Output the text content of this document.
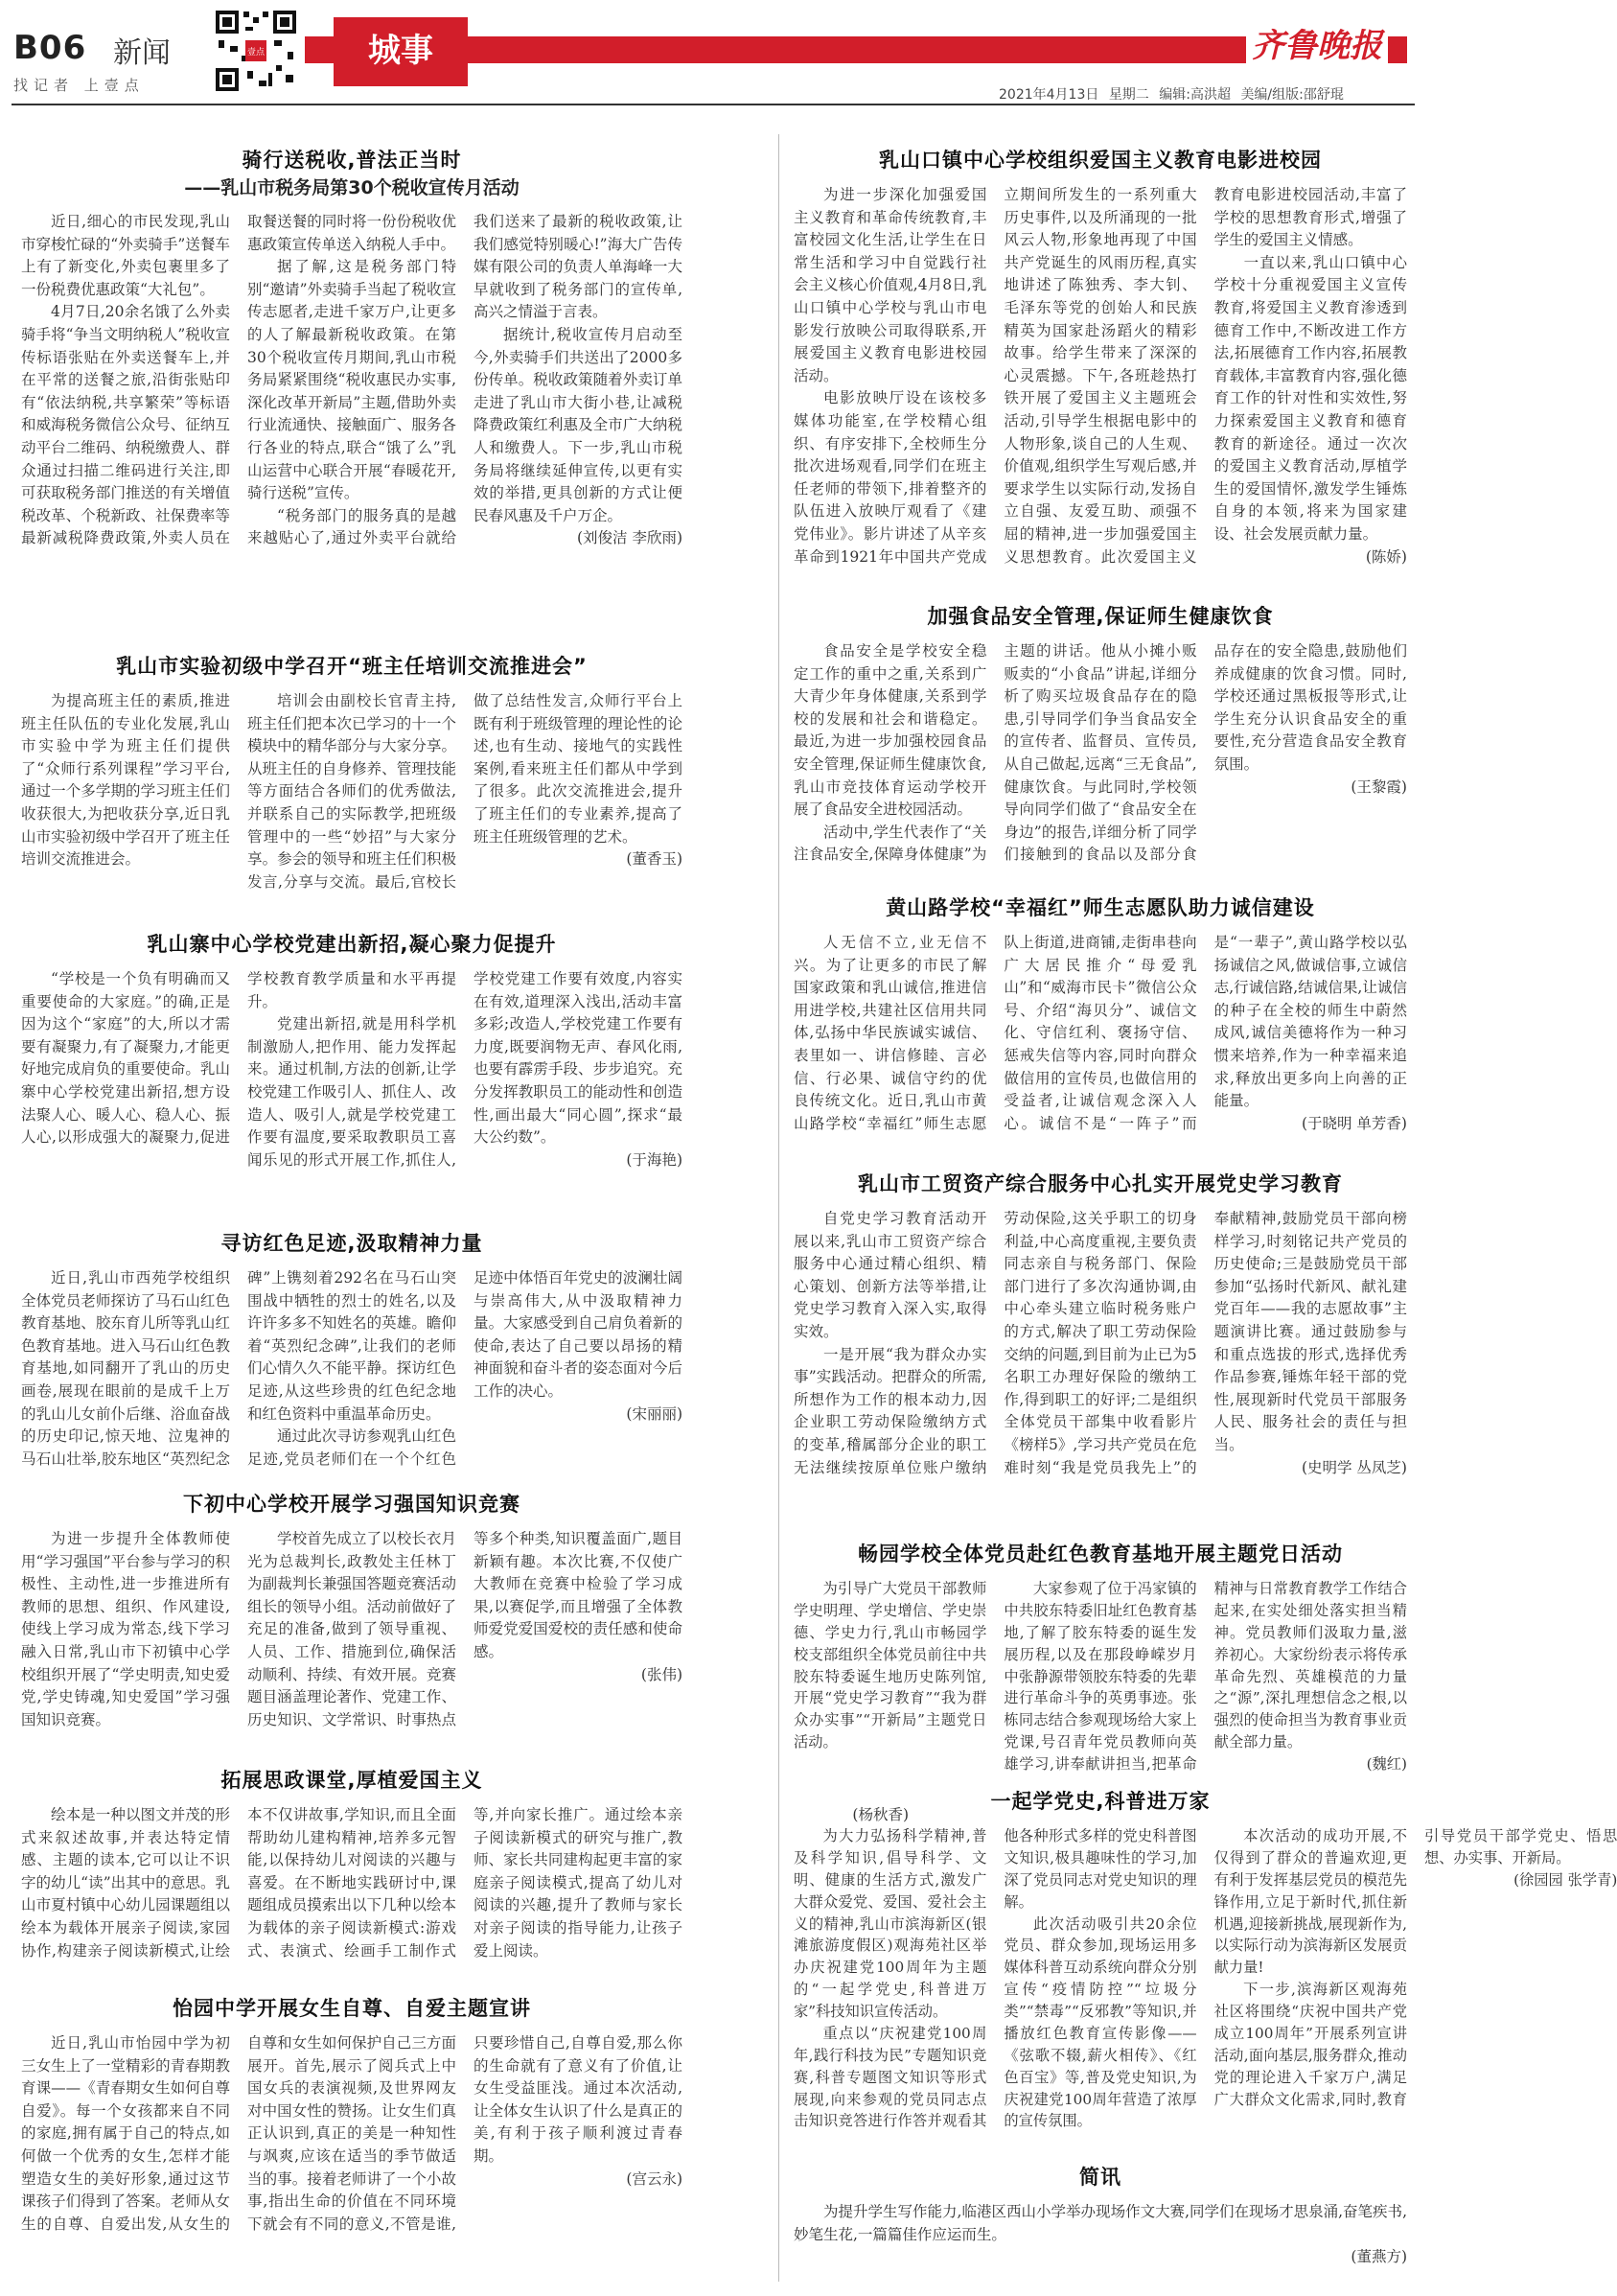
B06 新闻
找记者 上壹点
壹点	城事	齐鲁晚报
2021年4月13日 星期二 编辑:高洪超 美编/组版:邵舒琨
骑行送税收,普法正当时
——乳山市税务局第30个税收宣传月活动

近日,细心的市民发现,乳山市穿梭忙碌的“外卖骑手”送餐车上有了新变化,外卖包裹里多了一份税费优惠政策“大礼包”。

4月7日,20余名饿了么外卖骑手将“争当文明纳税人”税收宣传标语张贴在外卖送餐车上,并在平常的送餐之旅,沿街张贴印有“依法纳税,共享繁荣”等标语和威海税务微信公众号、征纳互动平台二维码、纳税缴费人、群众通过扫描二维码进行关注,即可获取税务部门推送的有关增值税改革、个税新政、社保费率等最新减税降费政策,外卖人员在取餐送餐的同时将一份份税收优惠政策宣传单送入纳税人手中。

据了解,这是税务部门特别“邀请”外卖骑手当起了税收宣传志愿者,走进千家万户,让更多的人了解最新税收政策。在第30个税收宣传月期间,乳山市税务局紧紧围绕“税收惠民办实事,深化改革开新局”主题,借助外卖行业流通快、接触面广、服务各行各业的特点,联合“饿了么”乳山运营中心联合开展“春暖花开,骑行送税”宣传。

“税务部门的服务真的是越来越贴心了,通过外卖平台就给我们送来了最新的税收政策,让我们感觉特别暖心!”海大广告传媒有限公司的负责人单海峰一大早就收到了税务部门的宣传单,高兴之情溢于言表。

据统计,税收宣传月启动至今,外卖骑手们共送出了2000多份传单。税收政策随着外卖订单走进了乳山市大街小巷,让减税降费政策红利惠及全市广大纳税人和缴费人。下一步,乳山市税务局将继续延伸宣传,以更有实效的举措,更具创新的方式让便民春风惠及千户万企。

(刘俊洁 李欣雨)

乳山口镇中心学校组织爱国主义教育电影进校园

为进一步深化加强爱国主义教育和革命传统教育,丰富校园文化生活,让学生在日常生活和学习中自觉践行社会主义核心价值观,4月8日,乳山口镇中心学校与乳山市电影发行放映公司取得联系,开展爱国主义教育电影进校园活动。

电影放映厅设在该校多媒体功能室,在学校精心组织、有序安排下,全校师生分批次进场观看,同学们在班主任老师的带领下,排着整齐的队伍进入放映厅观看了《建党伟业》。影片讲述了从辛亥革命到1921年中国共产党成立期间所发生的一系列重大历史事件,以及所涌现的一批风云人物,形象地再现了中国共产党诞生的风雨历程,真实地讲述了陈独秀、李大钊、毛泽东等党的创始人和民族精英为国家赴汤蹈火的精彩故事。给学生带来了深深的心灵震撼。下午,各班趁热打铁开展了爱国主义主题班会活动,引导学生根据电影中的人物形象,谈自己的人生观、价值观,组织学生写观后感,并要求学生以实际行动,发扬自立自强、友爱互助、顽强不屈的精神,进一步加强爱国主义思想教育。此次爱国主义教育电影进校园活动,丰富了学校的思想教育形式,增强了学生的爱国主义情感。

一直以来,乳山口镇中心学校十分重视爱国主义宣传教育,将爱国主义教育渗透到德育工作中,不断改进工作方法,拓展德育工作内容,拓展教育载体,丰富教育内容,强化德育工作的针对性和实效性,努力探索爱国主义教育和德育教育的新途径。通过一次次的爱国主义教育活动,厚植学生的爱国情怀,激发学生锤炼自身的本领,将来为国家建设、社会发展贡献力量。

(陈娇)

乳山市实验初级中学召开“班主任培训交流推进会”

为提高班主任的素质,推进班主任队伍的专业化发展,乳山市实验中学为班主任们提供了“众师行系列课程”学习平台,通过一个多学期的学习班主任们收获很大,为把收获分享,近日乳山市实验初级中学召开了班主任培训交流推进会。

培训会由副校长官青主持,班主任们把本次已学习的十一个模块中的精华部分与大家分享。从班主任的自身修养、管理技能等方面结合各师们的优秀做法,并联系自己的实际教学,把班级管理中的一些“妙招”与大家分享。参会的领导和班主任们积极发言,分享与交流。最后,官校长做了总结性发言,众师行平台上既有利于班级管理的理论性的论述,也有生动、接地气的实践性案例,看来班主任们都从中学到了很多。此次交流推进会,提升了班主任们的专业素养,提高了班主任班级管理的艺术。

(董香玉)

加强食品安全管理,保证师生健康饮食

食品安全是学校安全稳定工作的重中之重,关系到广大青少年身体健康,关系到学校的发展和社会和谐稳定。最近,为进一步加强校园食品安全管理,保证师生健康饮食,乳山市竞技体育运动学校开展了食品安全进校园活动。

活动中,学生代表作了“关注食品安全,保障身体健康”为主题的讲话。他从小摊小贩贩卖的“小食品”讲起,详细分析了购买垃圾食品存在的隐患,引导同学们争当食品安全的宣传者、监督员、宣传员,从自己做起,远离“三无食品”,健康饮食。与此同时,学校领导向同学们做了“食品安全在身边”的报告,详细分析了同学们接触到的食品以及部分食品存在的安全隐患,鼓励他们养成健康的饮食习惯。同时,学校还通过黑板报等形式,让学生充分认识食品安全的重要性,充分营造食品安全教育氛围。

(王黎霞)

乳山寨中心学校党建出新招,凝心聚力促提升

“学校是一个负有明确而又重要使命的大家庭。”的确,正是因为这个“家庭”的大,所以才需要有凝聚力,有了凝聚力,才能更好地完成肩负的重要使命。乳山寨中心学校党建出新招,想方设法聚人心、暖人心、稳人心、振人心,以形成强大的凝聚力,促进学校教育教学质量和水平再提升。

党建出新招,就是用科学机制激励人,把作用、能力发挥起来。通过机制,方法的创新,让学校党建工作吸引人、抓住人、改造人、吸引人,就是学校党建工作要有温度,要采取教职员工喜闻乐见的形式开展工作,抓住人,学校党建工作要有效度,内容实在有效,道理深入浅出,活动丰富多彩;改造人,学校党建工作要有力度,既要润物无声、春风化雨,也要有霹雳手段、步步追究。充分发挥教职员工的能动性和创造性,画出最大“同心圆”,探求“最大公约数”。

(于海艳)

黄山路学校“幸福红”师生志愿队助力诚信建设

人无信不立,业无信不兴。为了让更多的市民了解国家政策和乳山诚信,推进信用进学校,共建社区信用共同体,弘扬中华民族诚实诚信、表里如一、讲信修睦、言必信、行必果、诚信守约的优良传统文化。近日,乳山市黄山路学校“幸福红”师生志愿队上街道,进商铺,走街串巷向广大居民推介“母爱乳山”和“威海市民卡”微信公众号、介绍“海贝分”、诚信文化、守信红利、褒扬守信、惩戒失信等内容,同时向群众做信用的宣传员,也做信用的受益者,让诚信观念深入人心。诚信不是“一阵子”而是“一辈子”,黄山路学校以弘扬诚信之风,做诚信事,立诚信志,行诚信路,结诚信果,让诚信的种子在全校的师生中蔚然成风,诚信美德将作为一种习惯来培养,作为一种幸福来追求,释放出更多向上向善的正能量。

(于晓明 单芳香)

寻访红色足迹,汲取精神力量

近日,乳山市西苑学校组织全体党员老师探访了马石山红色教育基地、胶东育儿所等乳山红色教育基地。进入马石山红色教育基地,如同翻开了乳山的历史画卷,展现在眼前的是成千上万的乳山儿女前仆后继、浴血奋战的历史印记,惊天地、泣鬼神的马石山壮举,胶东地区“英烈纪念碑”上镌刻着292名在马石山突围战中牺牲的烈士的姓名,以及许许多多不知姓名的英雄。瞻仰着“英烈纪念碑”,让我们的老师们心情久久不能平静。探访红色足迹,从这些珍贵的红色纪念地和红色资料中重温革命历史。

通过此次寻访参观乳山红色足迹,党员老师们在一个个红色足迹中体悟百年党史的波澜壮阔与崇高伟大,从中汲取精神力量。大家感受到自己肩负着新的使命,表达了自己要以昂扬的精神面貌和奋斗者的姿态面对今后工作的决心。

(宋丽丽)

乳山市工贸资产综合服务中心扎实开展党史学习教育

自党史学习教育活动开展以来,乳山市工贸资产综合服务中心通过精心组织、精心策划、创新方法等举措,让党史学习教育入深入实,取得实效。

一是开展“我为群众办实事”实践活动。把群众的所需,所想作为工作的根本动力,因企业职工劳动保险缴纳方式的变革,稽属部分企业的职工无法继续按原单位账户缴纳劳动保险,这关乎职工的切身利益,中心高度重视,主要负责同志亲自与税务部门、保险部门进行了多次沟通协调,由中心牵头建立临时税务账户的方式,解决了职工劳动保险交纳的问题,到目前为止已为5名职工办理好保险的缴纳工作,得到职工的好评;二是组织全体党员干部集中收看影片《榜样5》,学习共产党员在危难时刻“我是党员我先上”的奉献精神,鼓励党员干部向榜样学习,时刻铭记共产党员的历史使命;三是鼓励党员干部参加“弘扬时代新风、献礼建党百年——我的志愿故事”主题演讲比赛。通过鼓励参与和重点选拔的形式,选择优秀作品参赛,锤炼年轻干部的党性,展现新时代党员干部服务人民、服务社会的责任与担当。

(史明学 丛凤芝)

下初中心学校开展学习强国知识竞赛

为进一步提升全体教师使用“学习强国”平台参与学习的积极性、主动性,进一步推进所有教师的思想、组织、作风建设,使线上学习成为常态,线下学习融入日常,乳山市下初镇中心学校组织开展了“学史明责,知史爱党,学史铸魂,知史爱国”学习强国知识竞赛。

学校首先成立了以校长衣月光为总裁判长,政教处主任林丁为副裁判长兼强国答题竞赛活动组长的领导小组。活动前做好了充足的准备,做到了领导重视、人员、工作、措施到位,确保活动顺利、持续、有效开展。竞赛题目涵盖理论著作、党建工作、历史知识、文学常识、时事热点等多个种类,知识覆盖面广,题目新颖有趣。本次比赛,不仅使广大教师在竞赛中检验了学习成果,以赛促学,而且增强了全体教师爱党爱国爱校的责任感和使命感。

(张伟)

畅园学校全体党员赴红色教育基地开展主题党日活动

为引导广大党员干部教师学史明理、学史增信、学史崇德、学史力行,乳山市畅园学校支部组织全体党员前往中共胶东特委诞生地历史陈列馆,开展“党史学习教育”“我为群众办实事”“开新局”主题党日活动。

大家参观了位于冯家镇的中共胶东特委旧址红色教育基地,了解了胶东特委的诞生发展历程,以及在那段峥嵘岁月中张静源带领胶东特委的先辈进行革命斗争的英勇事迹。张栋同志结合参观现场给大家上党课,号召青年党员教师向英雄学习,讲奉献讲担当,把革命精神与日常教育教学工作结合起来,在实处细处落实担当精神。党员教师们汲取力量,滋养初心。大家纷纷表示将传承革命先烈、英雄模范的力量之“源”,深扎理想信念之根,以强烈的使命担当为教育事业贡献全部力量。

(魏红)

拓展思政课堂,厚植爱国主义

绘本是一种以图文并茂的形式来叙述故事,并表达特定情感、主题的读本,它可以让不识字的幼儿“读”出其中的意思。乳山市夏村镇中心幼儿园课题组以绘本为载体开展亲子阅读,家园协作,构建亲子阅读新模式,让绘本不仅讲故事,学知识,而且全面帮助幼儿建构精神,培养多元智能,以保持幼儿对阅读的兴趣与喜爱。在不断地实践研讨中,课题组成员摸索出以下几种以绘本为载体的亲子阅读新模式:游戏式、表演式、绘画手工制作式等,并向家长推广。通过绘本亲子阅读新模式的研究与推广,教师、家长共同建构起更丰富的家庭亲子阅读模式,提高了幼儿对阅读的兴趣,提升了教师与家长对亲子阅读的指导能力,让孩子爱上阅读。

(杨秋香)

一起学党史,科普进万家

为大力弘扬科学精神,普及科学知识,倡导科学、文明、健康的生活方式,激发广大群众爱党、爱国、爱社会主义的精神,乳山市滨海新区(银滩旅游度假区)观海苑社区举办庆祝建党100周年为主题的“一起学党史,科普进万家”科技知识宣传活动。

重点以“庆祝建党100周年,践行科技为民”专题知识竞赛,科普专题图文知识等形式展现,向来参观的党员同志点击知识竞答进行作答并观看其他各种形式多样的党史科普图文知识,极具趣味性的学习,加深了党员同志对党史知识的理解。

此次活动吸引共20余位党员、群众参加,现场运用多媒体科普互动系统向群众分别宣传“疫情防控”“垃圾分类”“禁毒”“反邪教”等知识,并播放红色教育宣传影像——《弦歌不辍,薪火相传》、《红色百宝》等,普及党史知识,为庆祝建党100周年营造了浓厚的宣传氛围。

本次活动的成功开展,不仅得到了群众的普遍欢迎,更有利于发挥基层党员的模范先锋作用,立足于新时代,抓住新机遇,迎接新挑战,展现新作为,以实际行动为滨海新区发展贡献力量!

下一步,滨海新区观海苑社区将围绕“庆祝中国共产党成立100周年”开展系列宣讲活动,面向基层,服务群众,推动党的理论进入千家万户,满足广大群众文化需求,同时,教育引导党员干部学党史、悟思想、办实事、开新局。

(徐园园 张学青)

怡园中学开展女生自尊、自爱主题宣讲

近日,乳山市怡园中学为初三女生上了一堂精彩的青春期教育课——《青春期女生如何自尊自爱》。每一个女孩都来自不同的家庭,拥有属于自己的特点,如何做一个优秀的女生,怎样才能塑造女生的美好形象,通过这节课孩子们得到了答案。老师从女生的自尊、自爱出发,从女生的自尊和女生如何保护自己三方面展开。首先,展示了阅兵式上中国女兵的表演视频,及世界网友对中国女性的赞扬。让女生们真正认识到,真正的美是一种知性与飒爽,应该在适当的季节做适当的事。接着老师讲了一个小故事,指出生命的价值在不同环境下就会有不同的意义,不管是谁,只要珍惜自己,自尊自爱,那么你的生命就有了意义有了价值,让女生受益匪浅。通过本次活动,让全体女生认识了什么是真正的美,有利于孩子顺利渡过青春期。

(宫云永)	简讯

为提升学生写作能力,临港区西山小学举办现场作文大赛,同学们在现场才思泉涌,奋笔疾书,妙笔生花,一篇篇佳作应运而生。

(董燕方)
